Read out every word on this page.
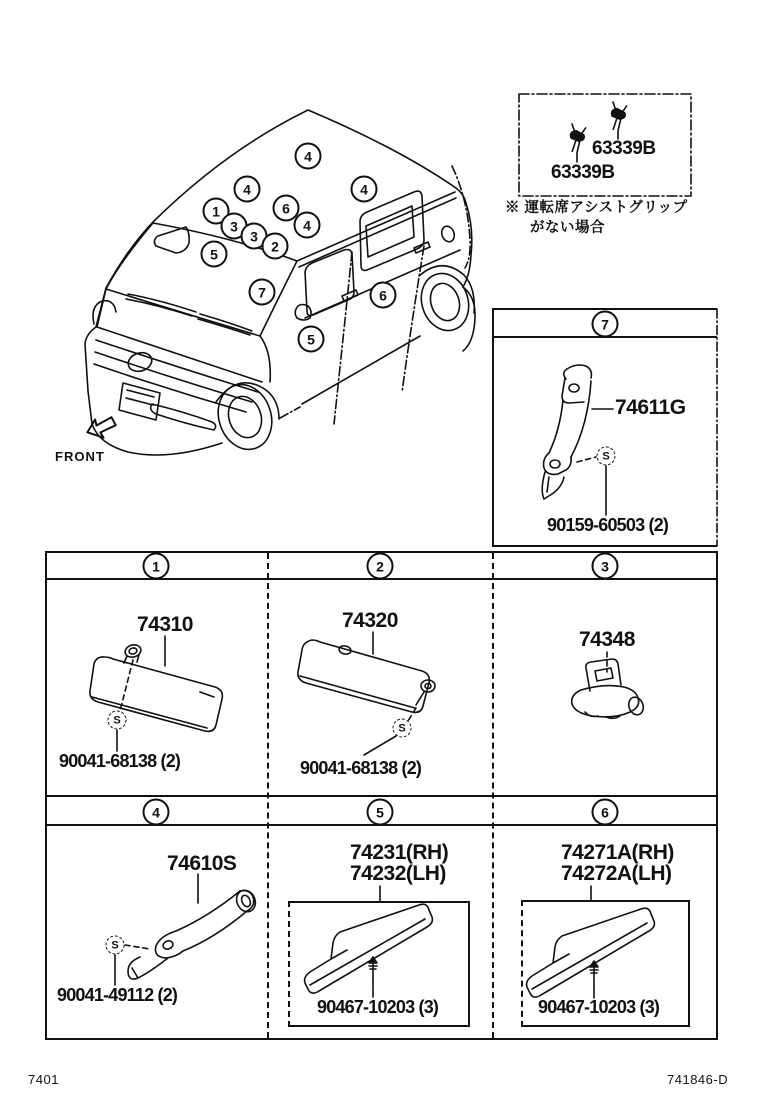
4
4	4
1	6
3
3
2
4
5
7	6
5
7
1	2	3
4	5	6
S
S
S
S
63339B
63339B
※ 運転席アシストグリップ
がない場合
74611G
90159-60503 (2)
74310
90041-68138 (2)
74320
90041-68138 (2)
74348
74610S
90041-49112 (2)
74231(RH)
74232(LH)
90467-10203 (3)
74271A(RH)
74272A(LH)
90467-10203 (3)
FRONT
7401	741846-D
